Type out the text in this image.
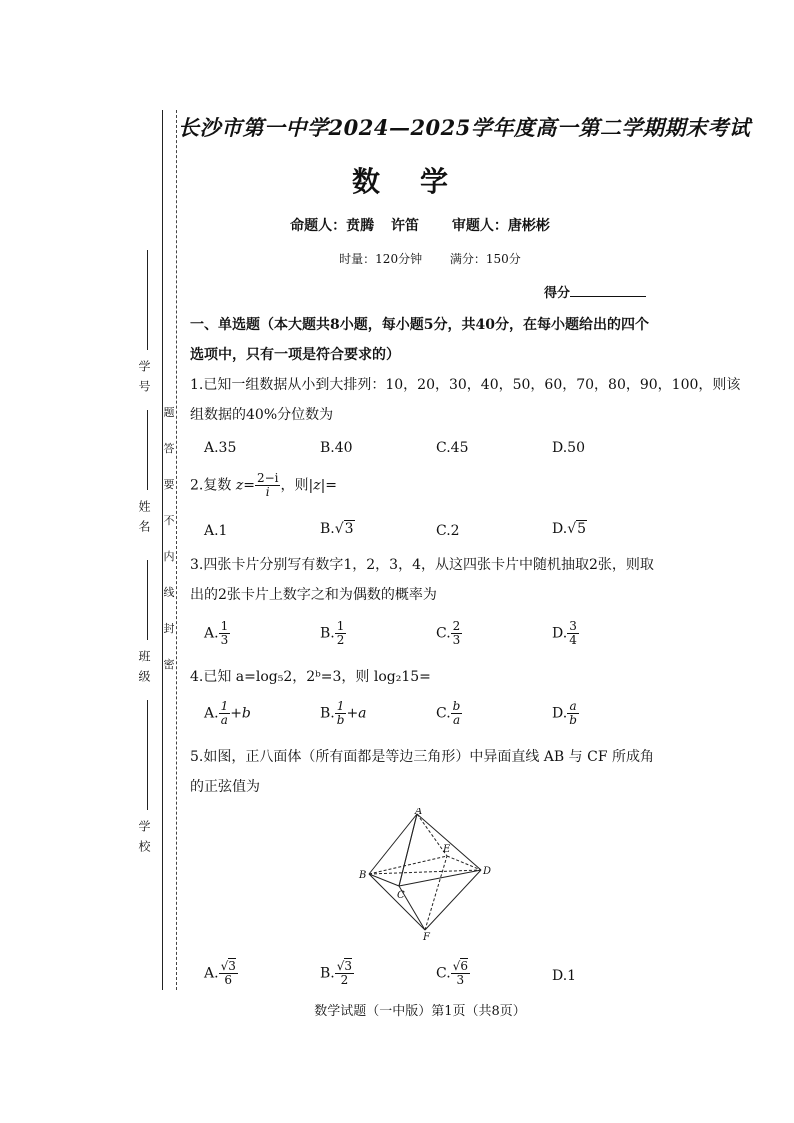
学号
姓名
班级
学校
题
答
要
不
内
线
封
密
长沙市第一中学2024—2025学年度高一第二学期期末考试
数学
命题人：贲腾 许笛 审题人：唐彬彬
时量：120分钟 满分：150分
得分
一、单选题（本大题共8小题，每小题5分，共40分，在每小题给出的四个
选项中，只有一项是符合要求的）
1.已知一组数据从小到大排列：10，20，30，40，50，60，70，80，90，100，则该
组数据的40%分位数为
A.35	B.40	C.45	D.50
2.复数 $z= \frac{2-i}{i}$ ，则|z|=
A.1	B.√3	C.2	D.√5
3.四张卡片分别写有数字1，2，3，4，从这四张卡片中随机抽取2张，则取
出的2张卡片上数字之和为偶数的概率为
A. $\frac{1}{3}$	B. $\frac{1}{2}$	C. $\frac{2}{3}$	D. $\frac{3}{4}$
4.已知 a=log₅2，2ᵇ=3，则 log₂15=
A. $\frac{1}{a} +b$	B. $\frac{1}{b} +a$	C. $\frac{b}{a}$	D. $\frac{a}{b}$
5.如图，正八面体（所有面都是等边三角形）中异面直线 AB 与 CF 所成角
的正弦值为
A
B
C
D
E
F
A. $\frac{√3}{6}$	B. $\frac{√3}{2}$	C. $\frac{√6}{3}$	D.1
数学试题（一中版）第1页（共8页）
